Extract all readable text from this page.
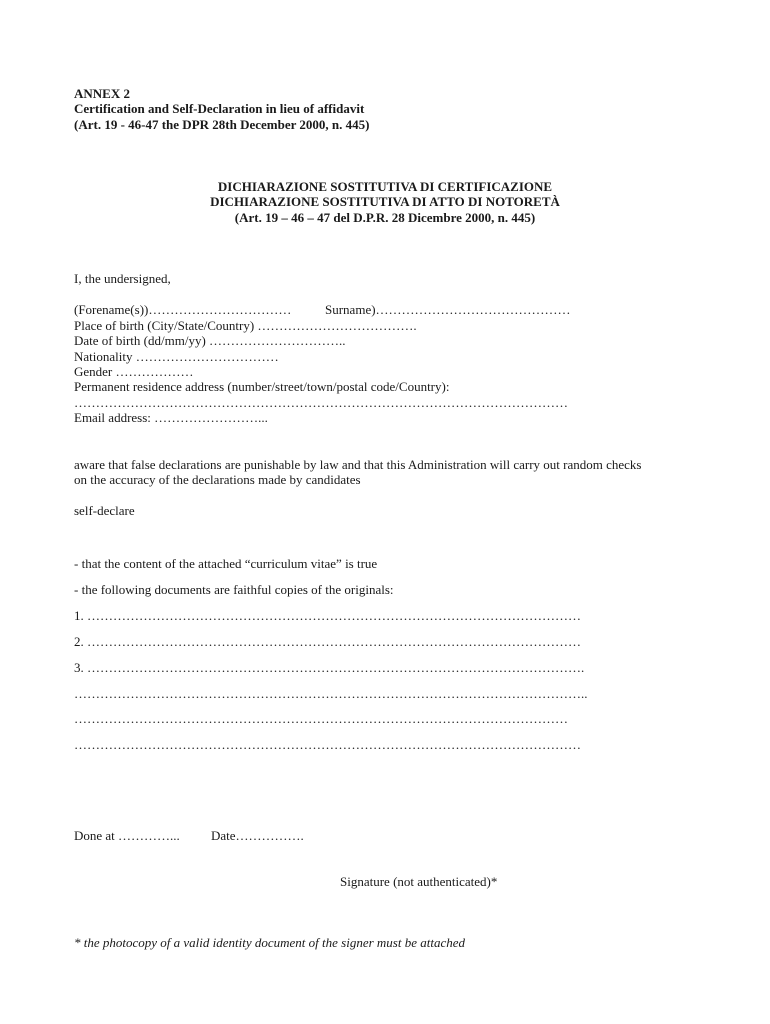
ANNEX 2
Certification and Self-Declaration in lieu of affidavit
(Art. 19 - 46-47 the DPR 28th December 2000, n. 445)
DICHIARAZIONE SOSTITUTIVA DI CERTIFICAZIONE
DICHIARAZIONE SOSTITUTIVA DI ATTO DI NOTORETÀ
(Art. 19 – 46 – 47 del D.P.R. 28 Dicembre 2000, n. 445)
I, the undersigned,
(Forename(s))……………………………	Surname)………………………………………
Place of birth (City/State/Country) ……………………………….
Date of birth (dd/mm/yy) …………………………..
Nationality ……………………………
Gender ………………
Permanent residence address (number/street/town/postal code/Country):
……………………………………………………………………………………………………
Email address: ……………………...
aware that false declarations are punishable by law and that this Administration will carry out random checks
on the accuracy of the declarations made by candidates
self-declare
- that the content of the attached “curriculum vitae” is true
- the following documents are faithful copies of the originals:
1. ……………………………………………………………………………………………………
2. ……………………………………………………………………………………………………
3. …………………………………………………………………………………………………….
………………………………………………………………………………………………………..
……………………………………………………………………………………………………
………………………………………………………………………………………………………
Done at …………... Date…………….
Signature (not authenticated)*
* the photocopy of a valid identity document of the signer must be attached
